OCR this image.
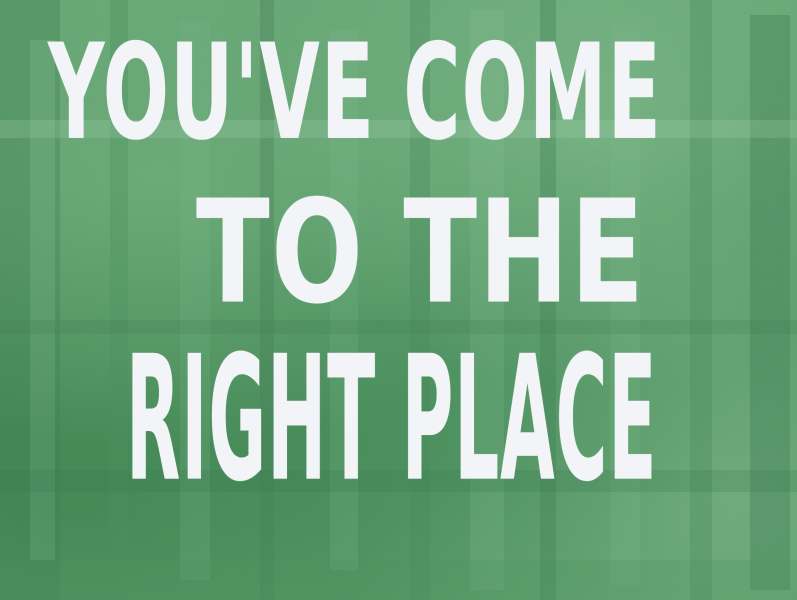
YOU'VE COME
TO THE
RIGHT PLACE
